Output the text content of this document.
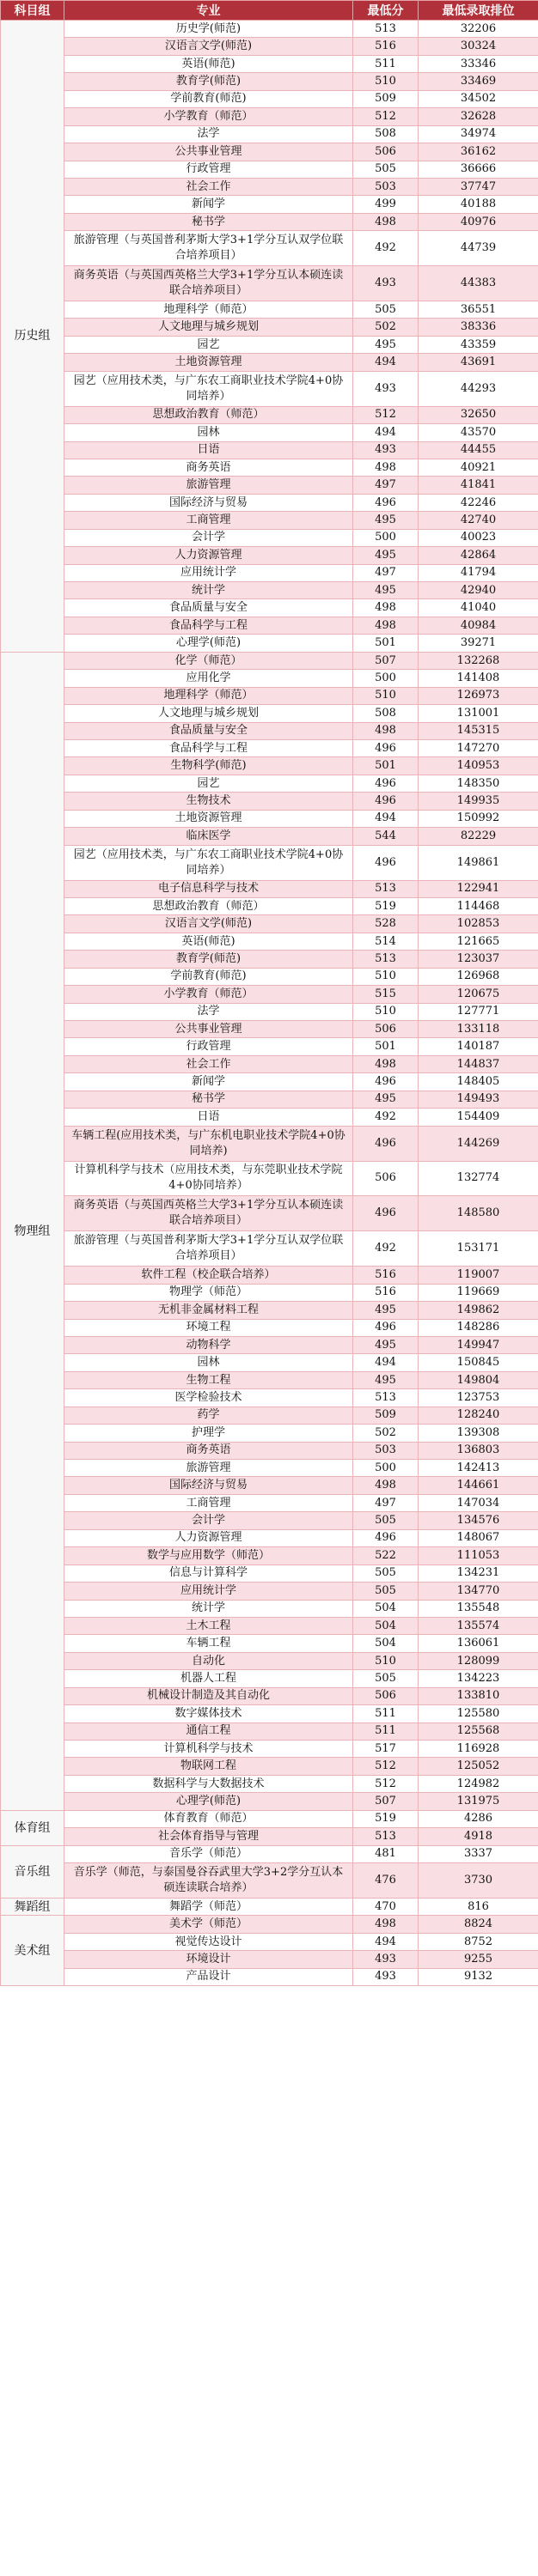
科目组	专业	最低分	最低录取排位
历史组	历史学(师范)	513	32206
	汉语言文学(师范)	516	30324
	英语(师范)	511	33346
	教育学(师范)	510	33469
	学前教育(师范)	509	34502
	小学教育（师范）	512	32628
	法学	508	34974
	公共事业管理	506	36162
	行政管理	505	36666
	社会工作	503	37747
	新闻学	499	40188
	秘书学	498	40976
	旅游管理（与英国普利茅斯大学3+1学分互认双学位联合培养项目）	492	44739
	商务英语（与英国西英格兰大学3+1学分互认本硕连读联合培养项目）	493	44383
	地理科学（师范）	505	36551
	人文地理与城乡规划	502	38336
	园艺	495	43359
	土地资源管理	494	43691
	园艺（应用技术类，与广东农工商职业技术学院4+0协同培养）	493	44293
	思想政治教育（师范）	512	32650
	园林	494	43570
	日语	493	44455
	商务英语	498	40921
	旅游管理	497	41841
	国际经济与贸易	496	42246
	工商管理	495	42740
	会计学	500	40023
	人力资源管理	495	42864
	应用统计学	497	41794
	统计学	495	42940
	食品质量与安全	498	41040
	食品科学与工程	498	40984
	心理学(师范)	501	39271
物理组	化学（师范）	507	132268
	应用化学	500	141408
	地理科学（师范）	510	126973
	人文地理与城乡规划	508	131001
	食品质量与安全	498	145315
	食品科学与工程	496	147270
	生物科学(师范)	501	140953
	园艺	496	148350
	生物技术	496	149935
	土地资源管理	494	150992
	临床医学	544	82229
	园艺（应用技术类，与广东农工商职业技术学院4+0协同培养）	496	149861
	电子信息科学与技术	513	122941
	思想政治教育（师范）	519	114468
	汉语言文学(师范)	528	102853
	英语(师范)	514	121665
	教育学(师范)	513	123037
	学前教育(师范)	510	126968
	小学教育（师范）	515	120675
	法学	510	127771
	公共事业管理	506	133118
	行政管理	501	140187
	社会工作	498	144837
	新闻学	496	148405
	秘书学	495	149493
	日语	492	154409
	车辆工程(应用技术类，与广东机电职业技术学院4+0协同培养)	496	144269
	计算机科学与技术（应用技术类，与东莞职业技术学院4+0协同培养）	506	132774
	商务英语（与英国西英格兰大学3+1学分互认本硕连读联合培养项目）	496	148580
	旅游管理（与英国普利茅斯大学3+1学分互认双学位联合培养项目）	492	153171
	软件工程（校企联合培养）	516	119007
	物理学（师范）	516	119669
	无机非金属材料工程	495	149862
	环境工程	496	148286
	动物科学	495	149947
	园林	494	150845
	生物工程	495	149804
	医学检验技术	513	123753
	药学	509	128240
	护理学	502	139308
	商务英语	503	136803
	旅游管理	500	142413
	国际经济与贸易	498	144661
	工商管理	497	147034
	会计学	505	134576
	人力资源管理	496	148067
	数学与应用数学（师范）	522	111053
	信息与计算科学	505	134231
	应用统计学	505	134770
	统计学	504	135548
	土木工程	504	135574
	车辆工程	504	136061
	自动化	510	128099
	机器人工程	505	134223
	机械设计制造及其自动化	506	133810
	数字媒体技术	511	125580
	通信工程	511	125568
	计算机科学与技术	517	116928
	物联网工程	512	125052
	数据科学与大数据技术	512	124982
	心理学(师范)	507	131975
体育组	体育教育（师范）	519	4286
	社会体育指导与管理	513	4918
音乐组	音乐学（师范）	481	3337
	音乐学（师范，与泰国曼谷吞武里大学3+2学分互认本硕连读联合培养）	476	3730
舞蹈组	舞蹈学（师范）	470	816
美术组	美术学（师范）	498	8824
	视觉传达设计	494	8752
	环境设计	493	9255
	产品设计	493	9132
